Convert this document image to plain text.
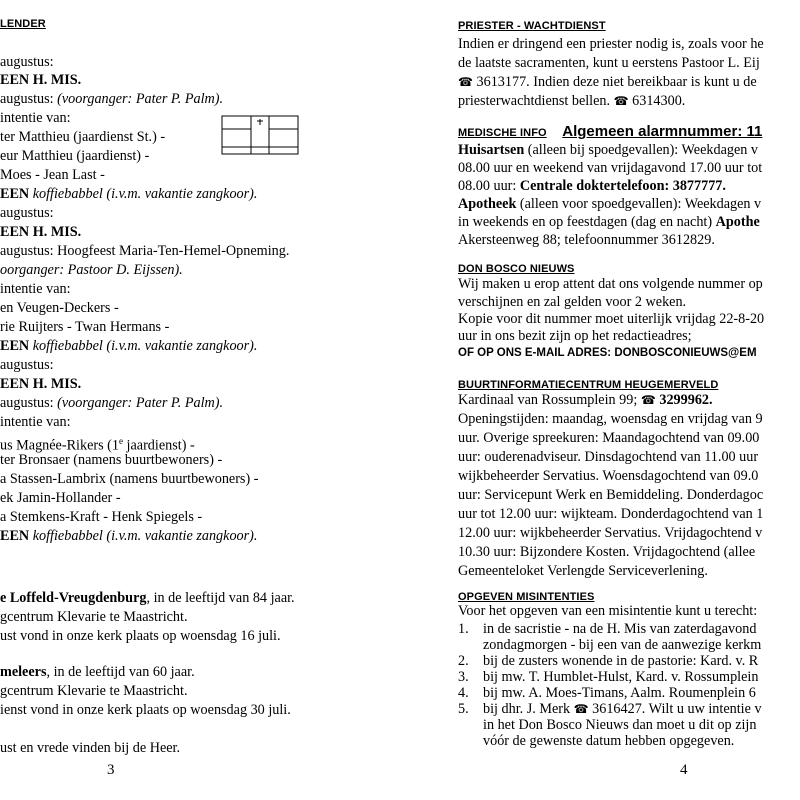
LENDER
augustus:
EEN H. MIS.
augustus: (voorganger: Pater P. Palm).
intentie van:
ter Matthieu (jaardienst St.) -
eur Matthieu (jaardienst) -
Moes - Jean Last -
EEN koffiebabbel (i.v.m. vakantie zangkoor).
augustus:
EEN H. MIS.
augustus: Hoogfeest Maria-Ten-Hemel-Opneming.
oorganger: Pastoor D. Eijssen).
intentie van:
en Veugen-Deckers -
rie Ruijters - Twan Hermans -
EEN koffiebabbel (i.v.m. vakantie zangkoor).
augustus:
EEN H. MIS.
augustus: (voorganger: Pater P. Palm).
intentie van:
us Magnée-Rikers (1e jaardienst) -
ter Bronsaer (namens buurtbewoners) -
a Stassen-Lambrix (namens buurtbewoners) -
ek Jamin-Hollander -
a Stemkens-Kraft - Henk Spiegels -
EEN koffiebabbel (i.v.m. vakantie zangkoor).
e Loffeld-Vreugdenburg, in de leeftijd van 84 jaar.
gcentrum Klevarie te Maastricht.
ust vond in onze kerk plaats op woensdag 16 juli.
meleers, in de leeftijd van 60 jaar.
gcentrum Klevarie te Maastricht.
ienst vond in onze kerk plaats op woensdag 30 juli.
ust en vrede vinden bij de Heer.
3
PRIESTER - WACHTDIENST
Indien er dringend een priester nodig is, zoals voor he
de laatste sacramenten, kunt u eerstens Pastoor L. Eij
☎ 3613177. Indien deze niet bereikbaar is kunt u de
priesterwachtdienst bellen. ☎ 6314300.
MEDISCHE INFO Algemeen alarmnummer: 11
Huisartsen (alleen bij spoedgevallen): Weekdagen v
08.00 uur en weekend van vrijdagavond 17.00 uur tot
08.00 uur: Centrale doktertelefoon: 3877777.
Apotheek (alleen voor spoedgevallen): Weekdagen v
in weekends en op feestdagen (dag en nacht) Apothe
Akersteenweg 88; telefoonnummer 3612829.
DON BOSCO NIEUWS
Wij maken u erop attent dat ons volgende nummer op
verschijnen en zal gelden voor 2 weken.
Kopie voor dit nummer moet uiterlijk vrijdag 22-8-20
uur in ons bezit zijn op het redactieadres;
OF OP ONS E-MAIL ADRES: DONBOSCONIEUWS@EM
BUURTINFORMATIECENTRUM HEUGEMERVELD
Kardinaal van Rossumplein 99; ☎ 3299962.
Openingstijden: maandag, woensdag en vrijdag van 9
uur. Overige spreekuren: Maandagochtend van 09.00
uur: ouderenadviseur. Dinsdagochtend van 11.00 uur
wijkbeheerder Servatius. Woensdagochtend van 09.0
uur: Servicepunt Werk en Bemiddeling. Donderdagoc
uur tot 12.00 uur: wijkteam. Donderdagochtend van 1
12.00 uur: wijkbeheerder Servatius. Vrijdagochtend v
10.30 uur: Bijzondere Kosten. Vrijdagochtend (allee
Gemeenteloket Verlengde Serviceverlening.
OPGEVEN MISINTENTIES
Voor het opgeven van een misintentie kunt u terecht:
1. in de sacristie - na de H. Mis van zaterdagavond
zondagmorgen - bij een van de aanwezige kerkm
2. bij de zusters wonende in de pastorie: Kard. v. R
3. bij mw. T. Humblet-Hulst, Kard. v. Rossumplein
4. bij mw. A. Moes-Timans, Aalm. Roumenplein 6
5. bij dhr. J. Merk ☎ 3616427. Wilt u uw intentie v
in het Don Bosco Nieuws dan moet u dit op zijn
vóór de gewenste datum hebben opgegeven.
4
